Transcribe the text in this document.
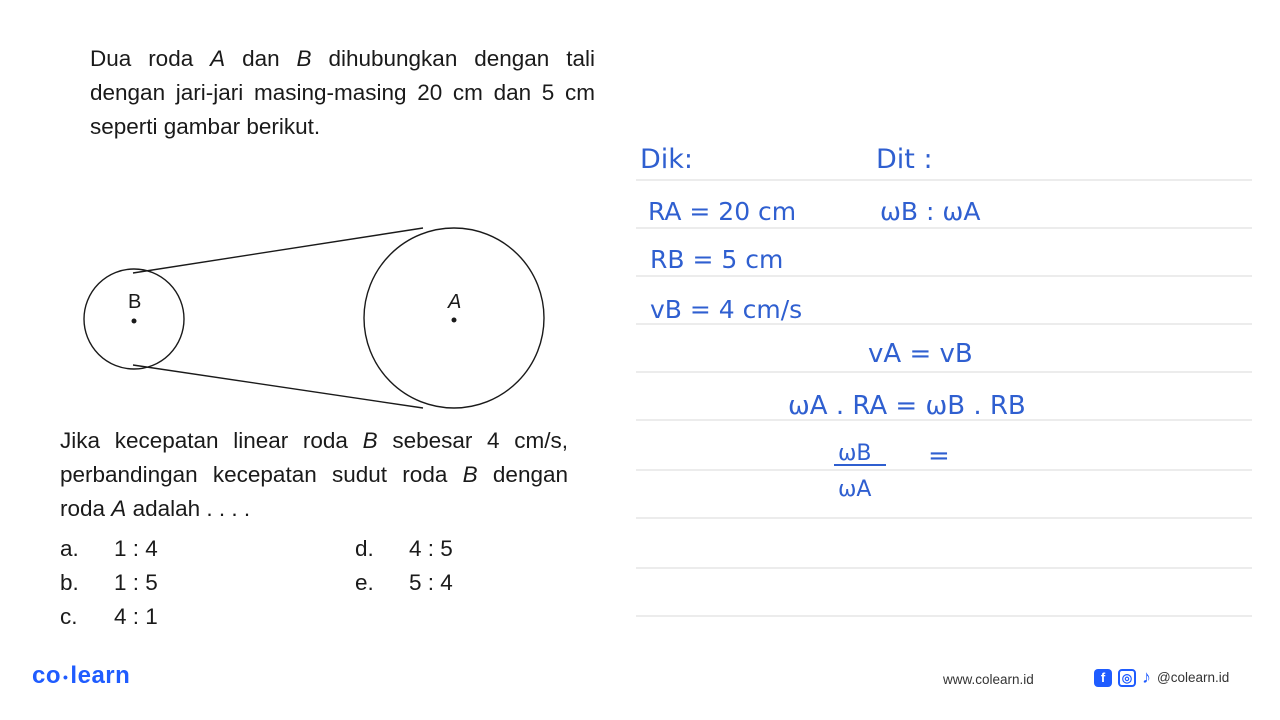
Dua roda A dan B dihubungkan dengan tali dengan jari-jari masing-masing 20 cm dan 5 cm seperti gambar berikut.

B	A

Jika kecepatan linear roda B sebesar 4 cm/s, perbandingan kecepatan sudut roda B dengan roda A adalah . . . .

a. 1 : 4
b. 1 : 5
c. 4 : 1
d. 4 : 5
e. 5 : 4
Dik:	Dit :
RA = 20 cm	ωB : ωA
RB = 5 cm
vB = 4 cm/s
vA = vB
ωA . RA = ωB . RB
ωB
ωA
=
co •learn	www.colearn.id	f	◎ ♪ @colearn.id
